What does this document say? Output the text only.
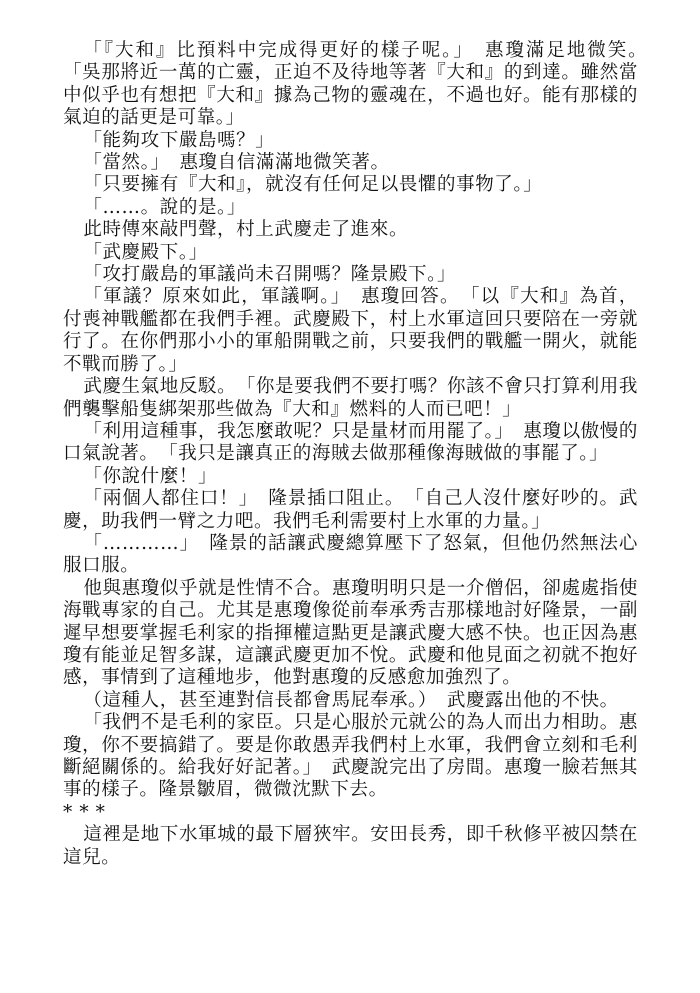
「『大和』比預料中完成得更好的樣子呢。」　惠瓊滿足地微笑。　「吳那將近一萬的亡靈，正迫不及待地等著『大和』的到達。雖然當中似乎也有想把『大和』據為己物的靈魂在，不過也好。能有那樣的氣迫的話更是可靠。」

「能夠攻下嚴島嗎？」

「當然。」　惠瓊自信滿滿地微笑著。

「只要擁有『大和』，就沒有任何足以畏懼的事物了。」

「……。說的是。」

此時傳來敲門聲，村上武慶走了進來。

「武慶殿下。」

「攻打嚴島的軍議尚未召開嗎？隆景殿下。」

「軍議？原來如此，軍議啊。」　惠瓊回答。　「以『大和』為首，付喪神戰艦都在我們手裡。武慶殿下，村上水軍這回只要陪在一旁就行了。在你們那小小的軍船開戰之前，只要我們的戰艦一開火，就能不戰而勝了。」

武慶生氣地反駁。　「你是要我們不要打嗎？你該不會只打算利用我們襲擊船隻綁架那些做為『大和』燃料的人而已吧！」

「利用這種事，我怎麼敢呢？只是量材而用罷了。」　惠瓊以傲慢的口氣說著。　「我只是讓真正的海賊去做那種像海賊做的事罷了。」

「你說什麼！」

「兩個人都住口！」　隆景插口阻止。　「自己人沒什麼好吵的。武慶，助我們一臂之力吧。我們毛利需要村上水軍的力量。」

「…………」　隆景的話讓武慶總算壓下了怒氣，但他仍然無法心服口服。

他與惠瓊似乎就是性情不合。惠瓊明明只是一介僧侶，卻處處指使海戰專家的自己。尤其是惠瓊像從前奉承秀吉那樣地討好隆景，一副遲早想要掌握毛利家的指揮權這點更是讓武慶大感不快。也正因為惠瓊有能並足智多謀，這讓武慶更加不悅。武慶和他見面之初就不抱好感，事情到了這種地步，他對惠瓊的反感愈加強烈了。

（這種人，甚至連對信長都會馬屁奉承。）　武慶露出他的不快。

「我們不是毛利的家臣。只是心服於元就公的為人而出力相助。惠瓊，你不要搞錯了。要是你敢愚弄我們村上水軍，我們會立刻和毛利斷絕關係的。給我好好記著。」　武慶說完出了房間。惠瓊一臉若無其事的樣子。隆景皺眉，微微沈默下去。

* * *

這裡是地下水軍城的最下層狹牢。安田長秀，即千秋修平被囚禁在這兒。
